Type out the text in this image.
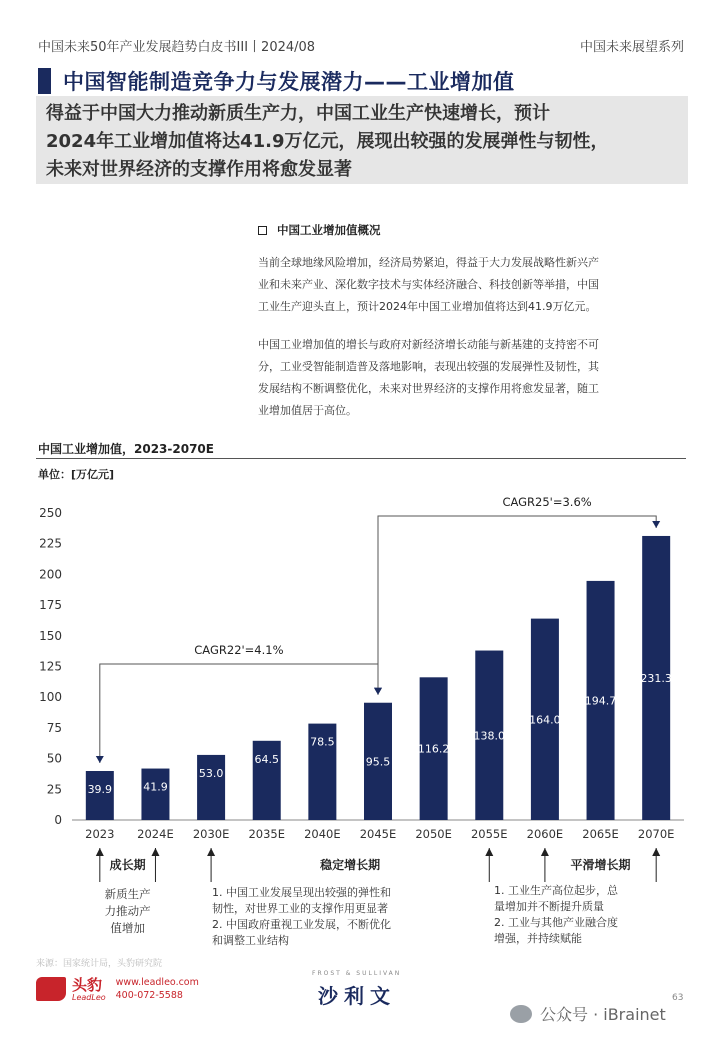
中国未来50年产业发展趋势白皮书III丨2024/08	中国未来展望系列
中国智能制造竞争力与发展潜力——工业增加值
得益于中国大力推动新质生产力，中国工业生产快速增长，预计
2024年工业增加值将达41.9万亿元，展现出较强的发展弹性与韧性，
未来对世界经济的支撑作用将愈发显著
中国工业增加值概况
当前全球地缘风险增加，经济局势紧迫，得益于大力发展战略性新兴产
业和未来产业、深化数字技术与实体经济融合、科技创新等举措，中国
工业生产迎头直上，预计2024年中国工业增加值将达到41.9万亿元。
中国工业增加值的增长与政府对新经济增长动能与新基建的支持密不可
分，工业受智能制造普及落地影响，表现出较强的发展弹性及韧性，其
发展结构不断调整优化，未来对世界经济的支撑作用将愈发显著，随工
业增加值居于高位。
中国工业增加值，2023-2070E
单位：[万亿元]
0
25
50
75
100
125
150
175
200
225
250
39.9
2023
41.9
2024E
53.0
2030E
64.5
2035E
78.5
2040E
95.5
2045E
116.2
2050E
138.0
2055E
164.0
2060E
194.7
2065E
231.3
2070E
CAGR22'=4.1%
CAGR25'=3.6%
成长期	稳定增长期	平滑增长期
新质生产
力推动产
值增加
1. 中国工业发展呈现出较强的弹性和
韧性，对世界工业的支撑作用更显著
2. 中国政府重视工业发展，不断优化
和调整工业结构
1. 工业生产高位起步，总
量增加并不断提升质量
2. 工业与其他产业融合度
增强，并持续赋能
来源：国家统计局，头豹研究院
头豹
LeadLeo
www.leadleo.com
400-072-5588
FROST & SULLIVAN
沙利文	63
公众号 · iBrainet
